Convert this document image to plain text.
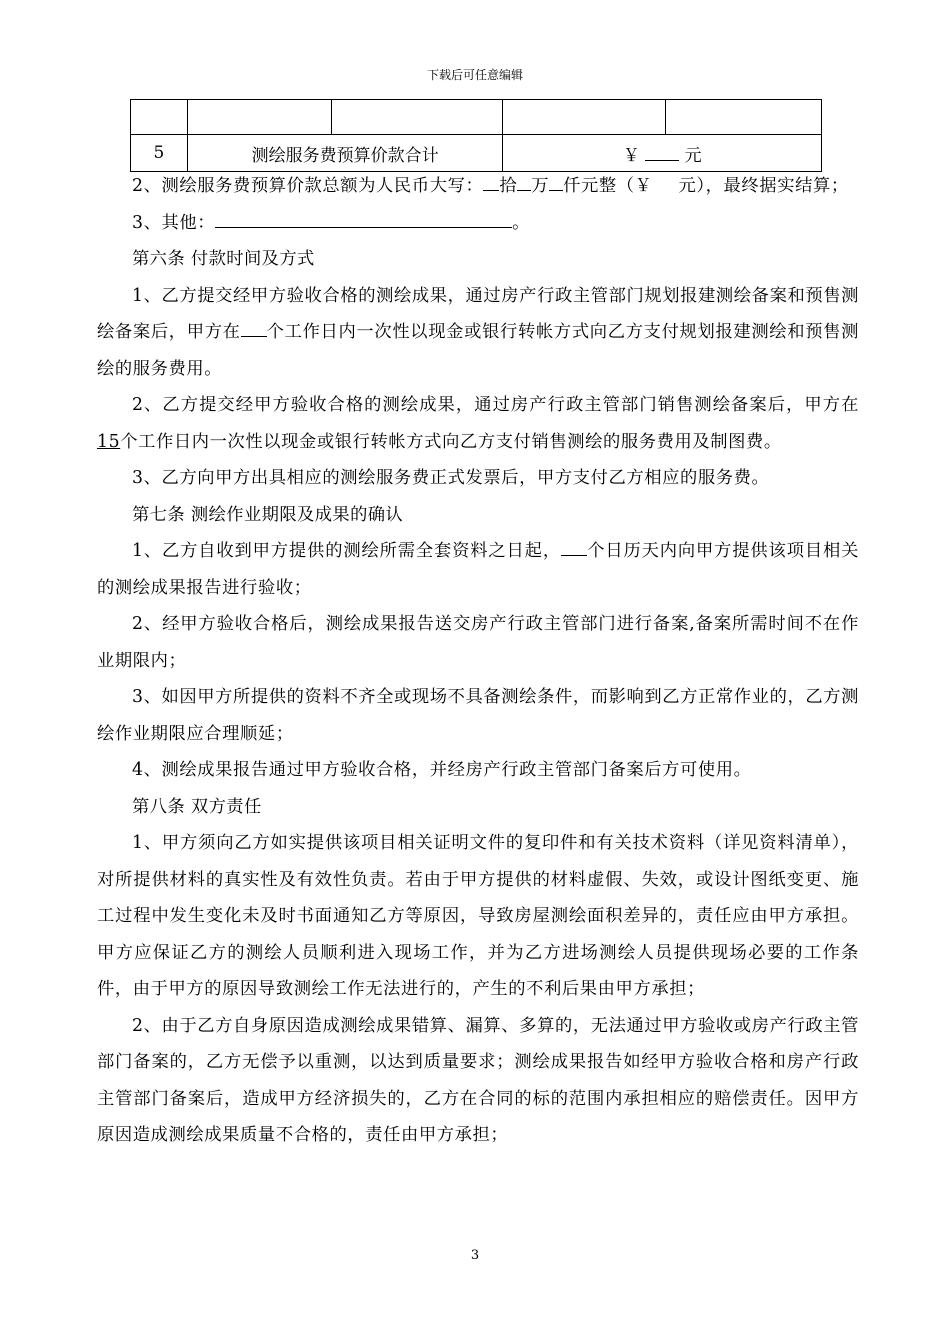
下载后可任意编辑

5	测绘服务费预算价款合计		￥ 元	

2、测绘服务费预算价款总额为人民币大写： 拾 万 仟元整（￥ 元），最终据实结算；

3、其他：	。

第六条 付款时间及方式

1、乙方提交经甲方验收合格的测绘成果，通过房产行政主管部门规划报建测绘备案和预售测绘备案后，甲方在 个工作日内一次性以现金或银行转帐方式向乙方支付规划报建测绘和预售测绘的服务费用。

2、乙方提交经甲方验收合格的测绘成果，通过房产行政主管部门销售测绘备案后，甲方在15个工作日内一次性以现金或银行转帐方式向乙方支付销售测绘的服务费用及制图费。

3、乙方向甲方出具相应的测绘服务费正式发票后，甲方支付乙方相应的服务费。

第七条 测绘作业期限及成果的确认

1、乙方自收到甲方提供的测绘所需全套资料之日起， 个日历天内向甲方提供该项目相关的测绘成果报告进行验收；

2、经甲方验收合格后，测绘成果报告送交房产行政主管部门进行备案,备案所需时间不在作业期限内；

3、如因甲方所提供的资料不齐全或现场不具备测绘条件，而影响到乙方正常作业的，乙方测绘作业期限应合理顺延；

4、测绘成果报告通过甲方验收合格，并经房产行政主管部门备案后方可使用。

第八条 双方责任

1、甲方须向乙方如实提供该项目相关证明文件的复印件和有关技术资料（详见资料清单），对所提供材料的真实性及有效性负责。若由于甲方提供的材料虚假、失效，或设计图纸变更、施工过程中发生变化未及时书面通知乙方等原因，导致房屋测绘面积差异的，责任应由甲方承担。甲方应保证乙方的测绘人员顺利进入现场工作，并为乙方进场测绘人员提供现场必要的工作条件，由于甲方的原因导致测绘工作无法进行的，产生的不利后果由甲方承担；

2、由于乙方自身原因造成测绘成果错算、漏算、多算的，无法通过甲方验收或房产行政主管部门备案的，乙方无偿予以重测，以达到质量要求；测绘成果报告如经甲方验收合格和房产行政主管部门备案后，造成甲方经济损失的，乙方在合同的标的范围内承担相应的赔偿责任。因甲方原因造成测绘成果质量不合格的，责任由甲方承担；

3
